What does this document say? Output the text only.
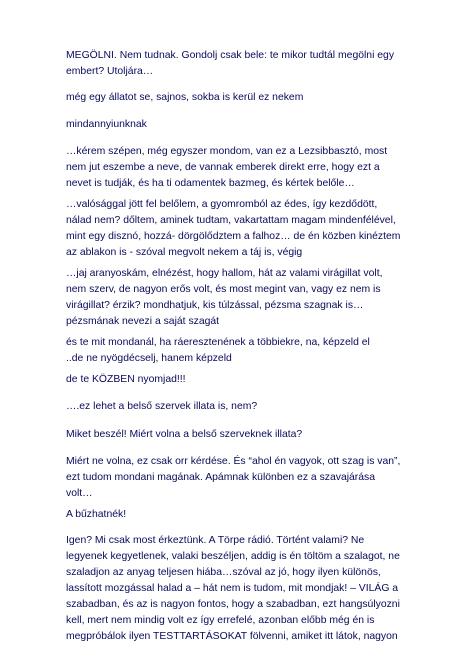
MEGÖLNI. Nem tudnak. Gondolj csak bele: te mikor tudtál megölni egy
embert? Utoljára…
még egy állatot se, sajnos, sokba is kerül ez nekem
mindannyiunknak
…kérem szépen, még egyszer mondom, van ez a Lezsibbasztó, most
nem jut eszembe a neve, de vannak emberek direkt erre, hogy ezt a
nevet is tudják, és ha ti odamentek bazmeg, és kértek belőle…
…valósággal jött fel belőlem, a gyomromból az édes, így kezdődött,
nálad nem? dőltem, aminek tudtam, vakartattam magam mindenfélével,
mint egy disznó, hozzá- dörgölődztem a falhoz… de én közben kinéztem
az ablakon is - szóval megvolt nekem a táj is, végig
…jaj aranyoskám, elnézést, hogy hallom, hát az valami virágillat volt,
nem szerv, de nagyon erős volt, és most megint van, vagy ez nem is
virágillat? érzik? mondhatjuk, kis túlzással, pézsma szagnak is…
pézsmának nevezi a saját szagát
és te mit mondanál, ha ráeresztenének a többiekre, na, képzeld el
..de ne nyögdécselj, hanem képzeld
de te KÖZBEN nyomjad!!!
….ez lehet a belső szervek illata is, nem?
Miket beszél! Miért volna a belső szerveknek illata?
Miért ne volna, ez csak orr kérdése. És “ahol én vagyok, ott szag is van”,
ezt tudom mondani magának. Apámnak különben ez a szavajárása
volt…
A bűzhatnék!
Igen? Mi csak most érkeztünk. A Törpe rádió. Történt valami? Ne
legyenek kegyetlenek, valaki beszéljen, addig is én töltöm a szalagot, ne
szaladjon az anyag teljesen hiába…szóval az jó, hogy ilyen különös,
lassított mozgással halad a – hát nem is tudom, mit mondjak! – VILÁG a
szabadban, és az is nagyon fontos, hogy a szabadban, ezt hangsúlyozni
kell, mert nem mindig volt ez így errefelé, azonban előbb még én is
megpróbálok ilyen TESTTARTÁSOKAT fölvenni, amiket itt látok, nagyon
